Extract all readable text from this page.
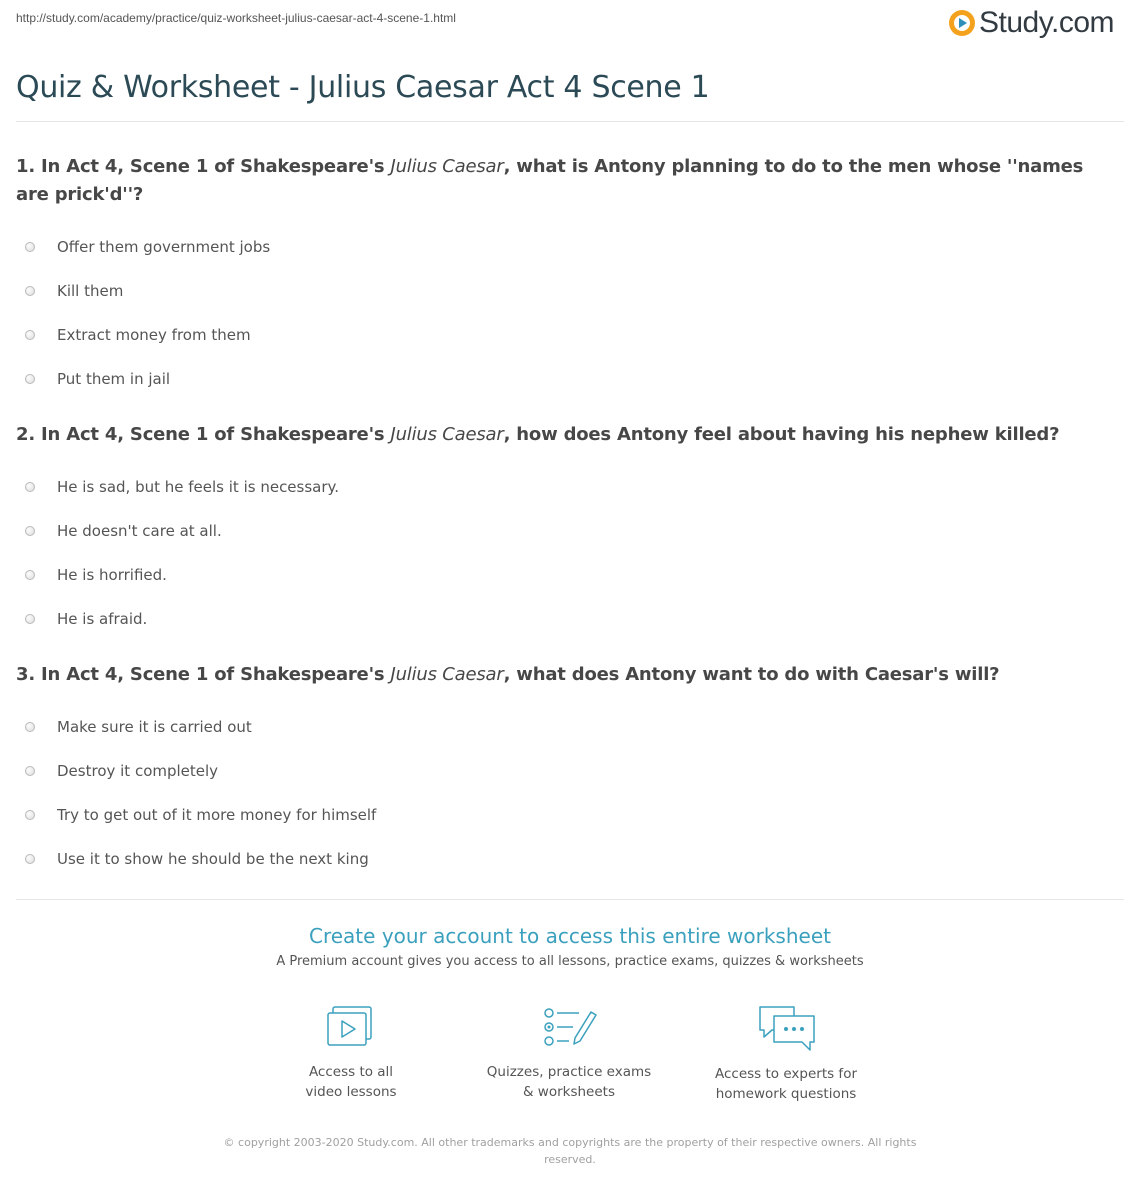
http://study.com/academy/practice/quiz-worksheet-julius-caesar-act-4-scene-1.html	Study.com
Quiz & Worksheet - Julius Caesar Act 4 Scene 1

1. In Act 4, Scene 1 of Shakespeare's Julius Caesar, what is Antony planning to do to the men whose ''names are prick'd''?

Offer them government jobs
Kill them
Extract money from them
Put them in jail

2. In Act 4, Scene 1 of Shakespeare's Julius Caesar, how does Antony feel about having his nephew killed?

He is sad, but he feels it is necessary.
He doesn't care at all.
He is horrified.
He is afraid.

3. In Act 4, Scene 1 of Shakespeare's Julius Caesar, what does Antony want to do with Caesar's will?

Make sure it is carried out
Destroy it completely
Try to get out of it more money for himself
Use it to show he should be the next king
Create your account to access this entire worksheet

A Premium account gives you access to all lessons, practice exams, quizzes & worksheets

Access to all
video lessons
Quizzes, practice exams
& worksheets
Access to experts for
homework questions
© copyright 2003-2020 Study.com. All other trademarks and copyrights are the property of their respective owners. All rights reserved.
